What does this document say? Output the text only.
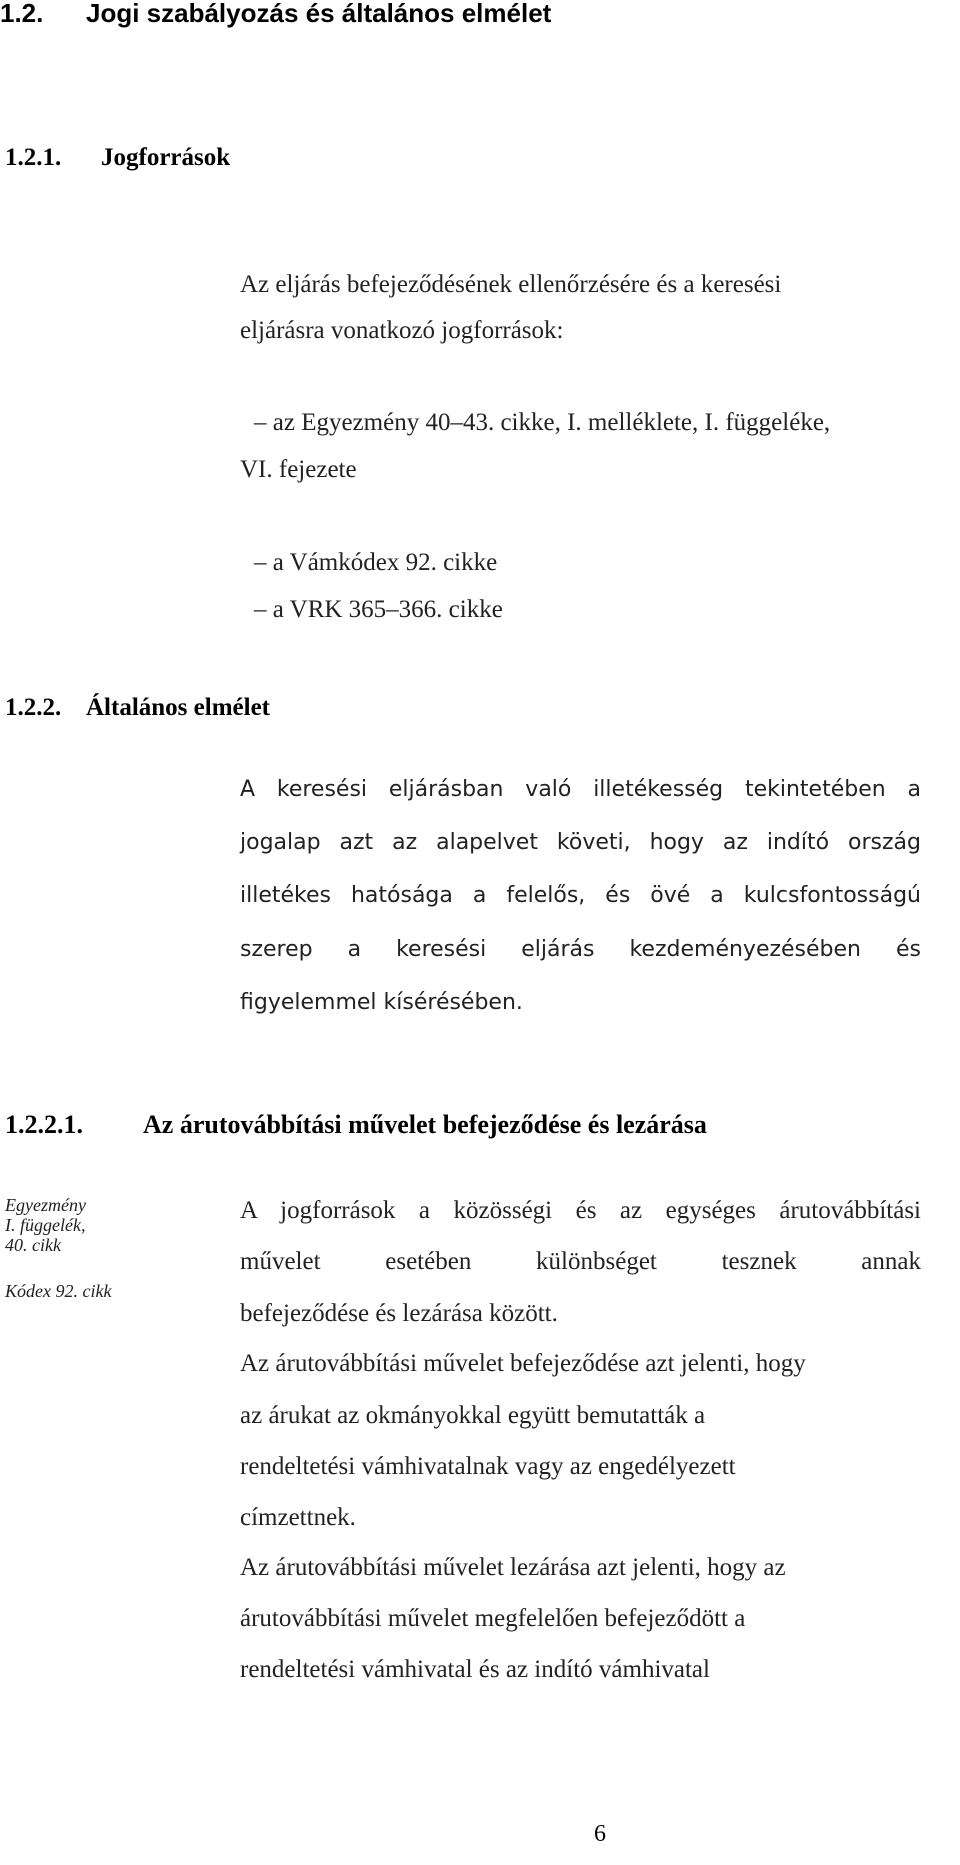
1.2. Jogi szabályozás és általános elmélet
1.2.1. Jogforrások
Az eljárás befejeződésének ellenőrzésére és a keresési
eljárásra vonatkozó jogforrások:
– az Egyezmény 40–43. cikke, I. melléklete, I. függeléke,
VI. fejezete
– a Vámkódex 92. cikke
– a VRK 365–366. cikke
1.2.2. Általános elmélet
A keresési eljárásban való illetékesség tekintetében a
jogalap azt az alapelvet követi, hogy az indító ország
illetékes hatósága a felelős, és övé a kulcsfontosságú
szerep a keresési eljárás kezdeményezésében és
figyelemmel kísérésében.
1.2.2.1. Az árutovábbítási művelet befejeződése és lezárása
Egyezmény
I. függelék,
40. cikk
Kódex 92. cikk
A jogforrások a közösségi és az egységes árutovábbítási
művelet esetében különbséget tesznek annak
befejeződése és lezárása között.
Az árutovábbítási művelet befejeződése azt jelenti, hogy
az árukat az okmányokkal együtt bemutatták a
rendeltetési vámhivatalnak vagy az engedélyezett
címzettnek.
Az árutovábbítási művelet lezárása azt jelenti, hogy az
árutovábbítási művelet megfelelően befejeződött a
rendeltetési vámhivatal és az indító vámhivatal
6
